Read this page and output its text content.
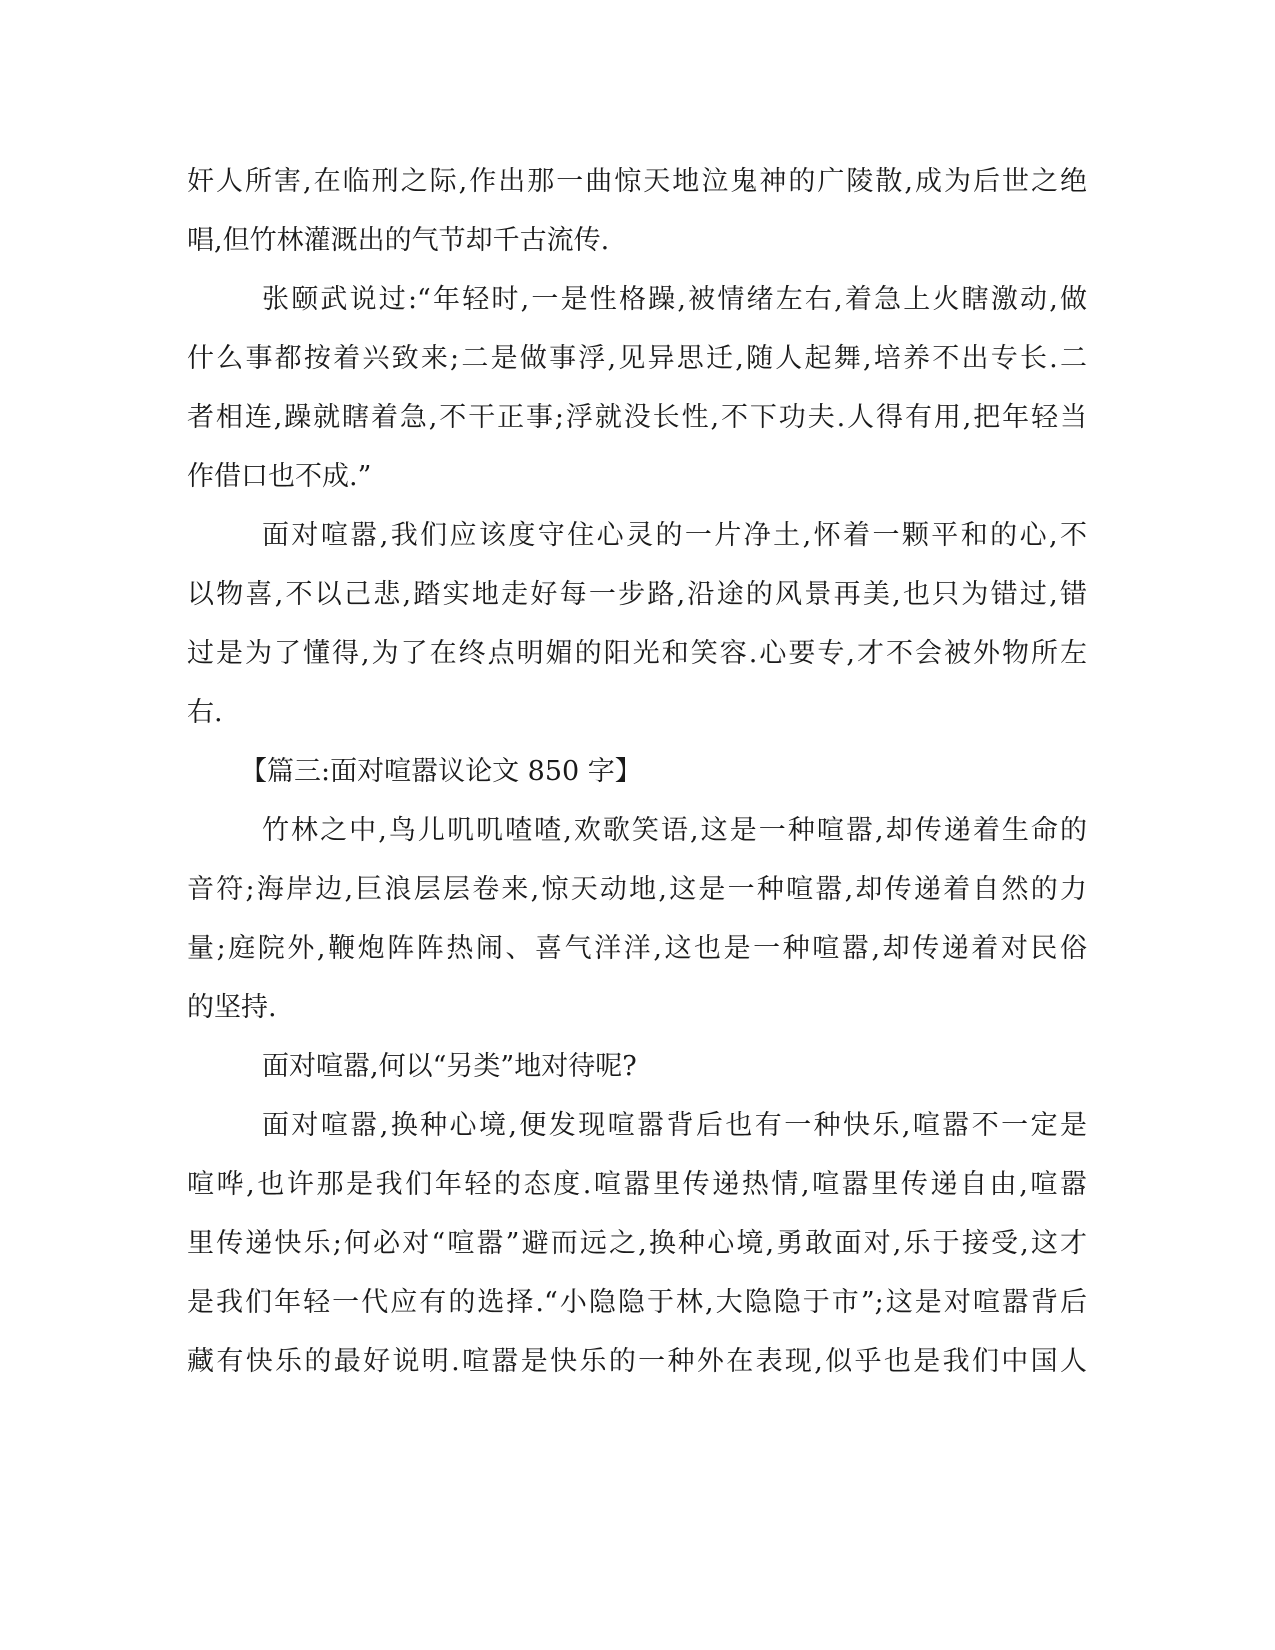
奸人所害,在临刑之际,作出那一曲惊天地泣鬼神的广陵散,成为后世之绝
唱,但竹林灌溉出的气节却千古流传.
张颐武说过:“年轻时,一是性格躁,被情绪左右,着急上火瞎激动,做
什么事都按着兴致来;二是做事浮,见异思迁,随人起舞,培养不出专长.二
者相连,躁就瞎着急,不干正事;浮就没长性,不下功夫.人得有用,把年轻当
作借口也不成.”
面对喧嚣,我们应该度守住心灵的一片净土,怀着一颗平和的心,不
以物喜,不以己悲,踏实地走好每一步路,沿途的风景再美,也只为错过,错
过是为了懂得,为了在终点明媚的阳光和笑容.心要专,才不会被外物所左
右.
【篇三:面对喧嚣议论文 850 字】
竹林之中,鸟儿叽叽喳喳,欢歌笑语,这是一种喧嚣,却传递着生命的
音符;海岸边,巨浪层层卷来,惊天动地,这是一种喧嚣,却传递着自然的力
量;庭院外,鞭炮阵阵热闹、喜气洋洋,这也是一种喧嚣,却传递着对民俗
的坚持.
面对喧嚣,何以“另类”地对待呢?
面对喧嚣,换种心境,便发现喧嚣背后也有一种快乐,喧嚣不一定是
喧哗,也许那是我们年轻的态度.喧嚣里传递热情,喧嚣里传递自由,喧嚣
里传递快乐;何必对“喧嚣”避而远之,换种心境,勇敢面对,乐于接受,这才
是我们年轻一代应有的选择.“小隐隐于林,大隐隐于市”;这是对喧嚣背后
藏有快乐的最好说明.喧嚣是快乐的一种外在表现,似乎也是我们中国人
